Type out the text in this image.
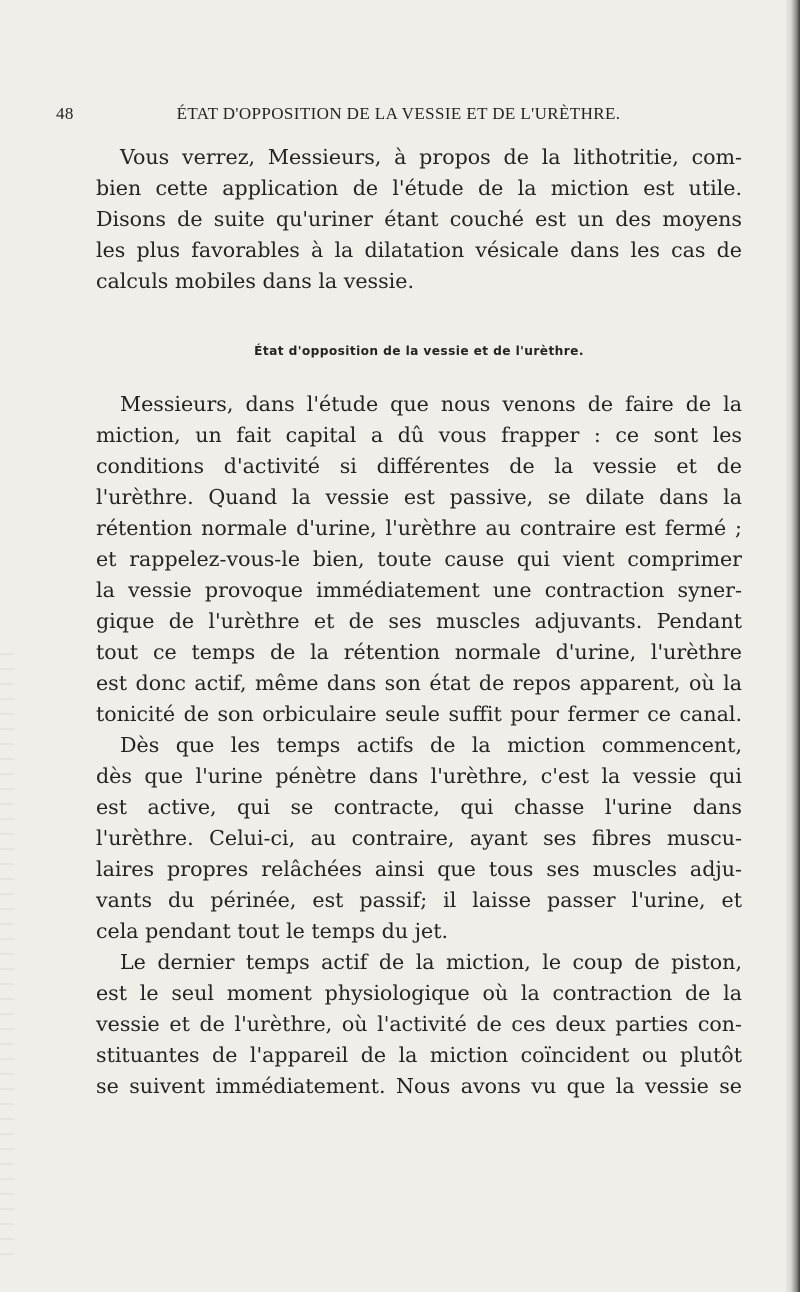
48	ÉTAT D'OPPOSITION DE LA VESSIE ET DE L'URÈTHRE.
Vous verrez, Messieurs, à propos de la lithotritie, com-
bien cette application de l'étude de la miction est utile.
Disons de suite qu'uriner étant couché est un des moyens
les plus favorables à la dilatation vésicale dans les cas de
calculs mobiles dans la vessie.
État d'opposition de la vessie et de l'urèthre.
Messieurs, dans l'étude que nous venons de faire de la
miction, un fait capital a dû vous frapper : ce sont les
conditions d'activité si différentes de la vessie et de
l'urèthre. Quand la vessie est passive, se dilate dans la
rétention normale d'urine, l'urèthre au contraire est fermé ;
et rappelez-vous-le bien, toute cause qui vient comprimer
la vessie provoque immédiatement une contraction syner-
gique de l'urèthre et de ses muscles adjuvants. Pendant
tout ce temps de la rétention normale d'urine, l'urèthre
est donc actif, même dans son état de repos apparent, où la
tonicité de son orbiculaire seule suffit pour fermer ce canal.
Dès que les temps actifs de la miction commencent,
dès que l'urine pénètre dans l'urèthre, c'est la vessie qui
est active, qui se contracte, qui chasse l'urine dans
l'urèthre. Celui-ci, au contraire, ayant ses fibres muscu-
laires propres relâchées ainsi que tous ses muscles adju-
vants du périnée, est passif; il laisse passer l'urine, et
cela pendant tout le temps du jet.
Le dernier temps actif de la miction, le coup de piston,
est le seul moment physiologique où la contraction de la
vessie et de l'urèthre, où l'activité de ces deux parties con-
stituantes de l'appareil de la miction coïncident ou plutôt
se suivent immédiatement. Nous avons vu que la vessie se
